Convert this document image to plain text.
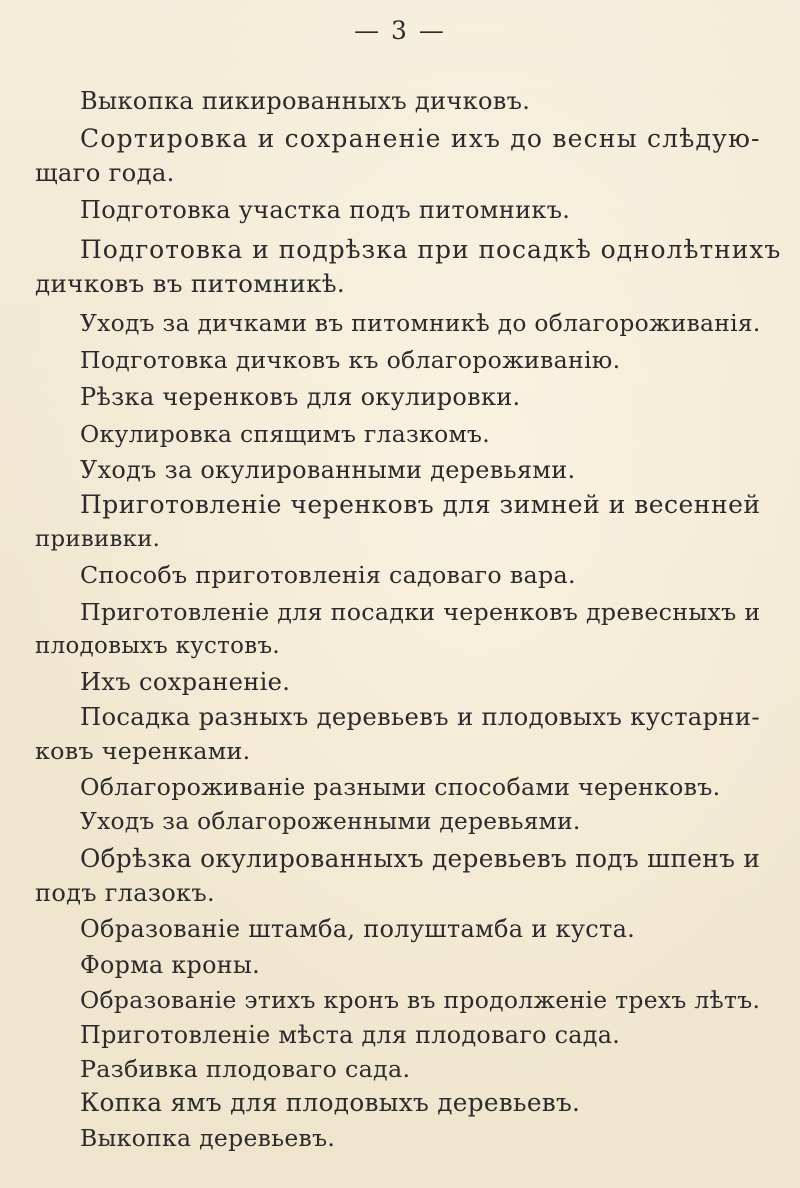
— 3 —
Выкопка пикированныхъ дичковъ.
Сортировка и сохраненіе ихъ до весны слѣдую-
щаго года.
Подготовка участка подъ питомникъ.
Подготовка и подрѣзка при посадкѣ однолѣтнихъ
дичковъ въ питомникѣ.
Уходъ за дичками въ питомникѣ до облагороживанія.
Подготовка дичковъ къ облагороживанію.
Рѣзка черенковъ для окулировки.
Окулировка спящимъ глазкомъ.
Уходъ за окулированными деревьями.
Приготовленіе черенковъ для зимней и весенней
прививки.
Способъ приготовленія садоваго вара.
Приготовленіе для посадки черенковъ древесныхъ и
плодовыхъ кустовъ.
Ихъ сохраненіе.
Посадка разныхъ деревьевъ и плодовыхъ кустарни-
ковъ черенками.
Облагороживаніе разными способами черенковъ.
Уходъ за облагороженными деревьями.
Обрѣзка окулированныхъ деревьевъ подъ шпенъ и
подъ глазокъ.
Образованіе штамба, полуштамба и куста.
Форма кроны.
Образованіе этихъ кронъ въ продолженіе трехъ лѣтъ.
Приготовленіе мѣста для плодоваго сада.
Разбивка плодоваго сада.
Копка ямъ для плодовыхъ деревьевъ.
Выкопка деревьевъ.
